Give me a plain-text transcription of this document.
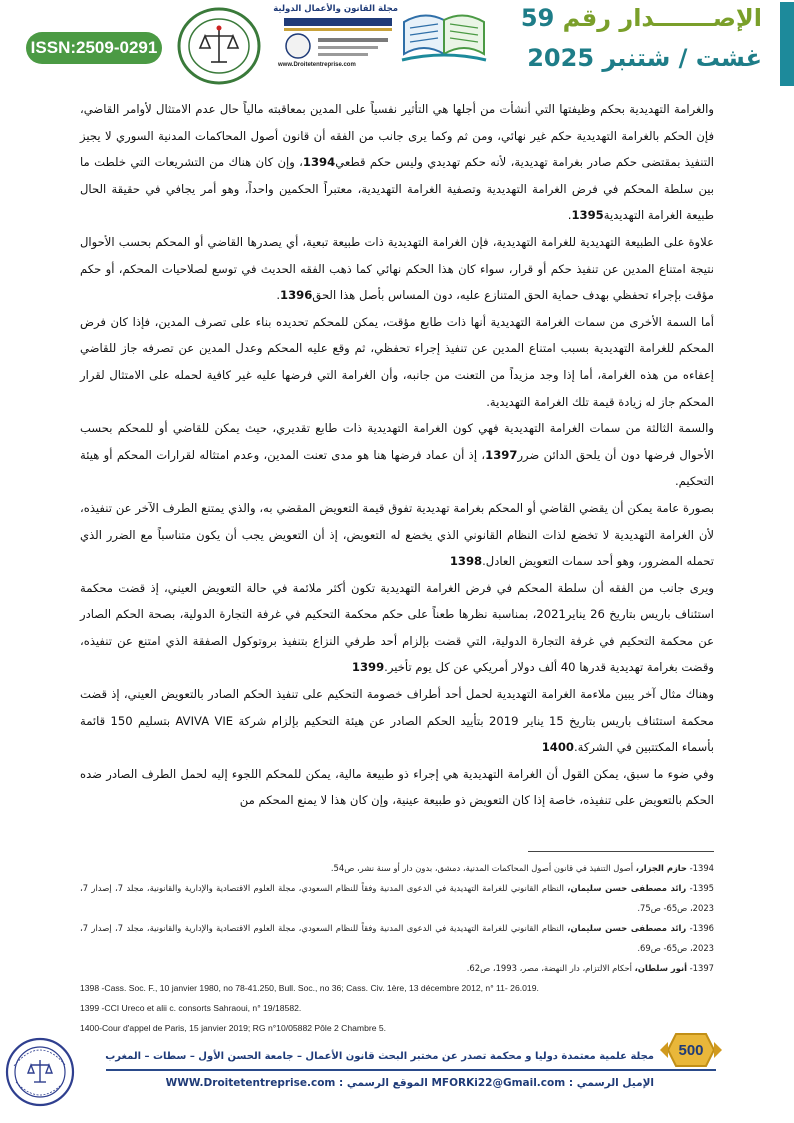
ISSN:2509-0291
مجلة القانون والأعمال الدولية
www.Droitetentreprise.com
الإصـــــــدار رقم 59
غشت / شتنبر 2025

والغرامة التهديدية بحكم وظيفتها التي أنشأت من أجلها هي التأثير نفسياً على المدين بمعاقبته مالياً حال عدم الامتثال لأوامر القاضي، فإن الحكم بالغرامة التهديدية حكم غير نهائي، ومن ثم وكما يرى جانب من الفقه أن قانون أصول المحاكمات المدنية السوري لا يجيز التنفيذ بمقتضى حكم صادر بغرامة تهديدية، لأنه حكم تهديدي وليس حكم قطعي1394، وإن كان هناك من التشريعات التي خلطت ما بين سلطة المحكم في فرض الغرامة التهديدية وتصفية الغرامة التهديدية، معتبراً الحكمين واحداً، وهو أمر يجافي في حقيقة الحال طبيعة الغرامة التهديدية1395.

علاوة على الطبيعة التهديدية للغرامة التهديدية، فإن الغرامة التهديدية ذات طبيعة تبعية، أي يصدرها القاضي أو المحكم بحسب الأحوال نتيجة امتناع المدين عن تنفيذ حكم أو قرار، سواء كان هذا الحكم نهائي كما ذهب الفقه الحديث في توسع لصلاحيات المحكم، أو حكم مؤقت بإجراء تحفظي بهدف حماية الحق المتنازع عليه، دون المساس بأصل هذا الحق1396.

أما السمة الأخرى من سمات الغرامة التهديدية أنها ذات طابع مؤقت، يمكن للمحكم تحديده بناء على تصرف المدين، فإذا كان فرض المحكم للغرامة التهديدية بسبب امتناع المدين عن تنفيذ إجراء تحفظي، ثم وقع عليه المحكم وعدل المدين عن تصرفه جاز للقاضي إعفاءه من هذه الغرامة، أما إذا وجد مزيداً من التعنت من جانبه، وأن الغرامة التي فرضها عليه غير كافية لحمله على الامتثال لقرار المحكم جاز له زيادة قيمة تلك الغرامة التهديدية.

والسمة الثالثة من سمات الغرامة التهديدية فهي كون الغرامة التهديدية ذات طابع تقديري، حيث يمكن للقاضي أو للمحكم بحسب الأحوال فرضها دون أن يلحق الدائن ضرر1397، إذ أن عماد فرضها هنا هو مدى تعنت المدين، وعدم امتثاله لقرارات المحكم أو هيئة التحكيم.

بصورة عامة يمكن أن يقضي القاضي أو المحكم بغرامة تهديدية تفوق قيمة التعويض المقضي به، والذي يمتنع الطرف الآخر عن تنفيذه، لأن الغرامة التهديدية لا تخضع لذات النظام القانوني الذي يخضع له التعويض، إذ أن التعويض يجب أن يكون متناسباً مع الضرر الذي تحمله المضرور، وهو أحد سمات التعويض العادل.1398

ويرى جانب من الفقه أن سلطة المحكم في فرض الغرامة التهديدية تكون أكثر ملائمة في حالة التعويض العيني، إذ قضت محكمة استئناف باريس بتاريخ 26 يناير2021، بمناسبة نظرها طعناً على حكم محكمة التحكيم في غرفة التجارة الدولية، بصحة الحكم الصادر عن محكمة التحكيم في غرفة التجارة الدولية، التي قضت بإلزام أحد طرفي النزاع بتنفيذ بروتوكول الصفقة الذي امتنع عن تنفيذه، وقضت بغرامة تهديدية قدرها 40 ألف دولار أمريكي عن كل يوم تأخير.1399

وهناك مثال آخر يبين ملاءمة الغرامة التهديدية لحمل أحد أطراف خصومة التحكيم على تنفيذ الحكم الصادر بالتعويض العيني، إذ قضت محكمة استئناف باريس بتاريخ 15 يناير 2019 بتأييد الحكم الصادر عن هيئة التحكيم بإلزام شركة AVIVA VIE بتسليم 150 قائمة بأسماء المكتتبين في الشركة.1400

وفي ضوء ما سبق، يمكن القول أن الغرامة التهديدية هي إجراء ذو طبيعة مالية، يمكن للمحكم اللجوء إليه لحمل الطرف الصادر ضده الحكم بالتعويض على تنفيذه، خاصة إذا كان التعويض ذو طبيعة عينية، وإن كان هذا لا يمنع المحكم من

1394- حازم الجزار، أصول التنفيذ في قانون أصول المحاكمات المدنية، دمشق، بدون دار أو سنة نشر، ص54.
1395- رائد مصطفى حسن سليمان، النظام القانوني للغرامة التهديدية في الدعوى المدنية وفقاً للنظام السعودي، مجلة العلوم الاقتصادية والإدارية والقانونية، مجلد 7، إصدار 7، 2023، ص65- ص75.
1396- رائد مصطفى حسن سليمان، النظام القانوني للغرامة التهديدية في الدعوى المدنية وفقاً للنظام السعودي، مجلة العلوم الاقتصادية والإدارية والقانونية، مجلد 7، إصدار 7، 2023، ص65- ص69.
1397- أنور سلطان، أحكام الالتزام، دار النهضة، مصر، 1993، ص62.
1398 -Cass. Soc. F., 10 janvier 1980, no 78-41.250, Bull. Soc., no 36; Cass. Civ. 1ère, 13 décembre 2012, n° 11- 26.019.
1399 -CCI Ureco et alii c. consorts Sahraoui, n° 19/18582.
1400-Cour d'appel de Paris, 15 janvier 2019; RG n°10/05882 Pôle 2 Chambre 5.
500
مجلة علمية معتمدة دوليا و محكمة تصدر عن مختبر البحث قانون الأعمال – جامعة الحسن الأول – سطات – المغرب
الإميل الرسمي : MFORKi22@Gmail.com الموقع الرسمي : WWW.Droitetentreprise.com
